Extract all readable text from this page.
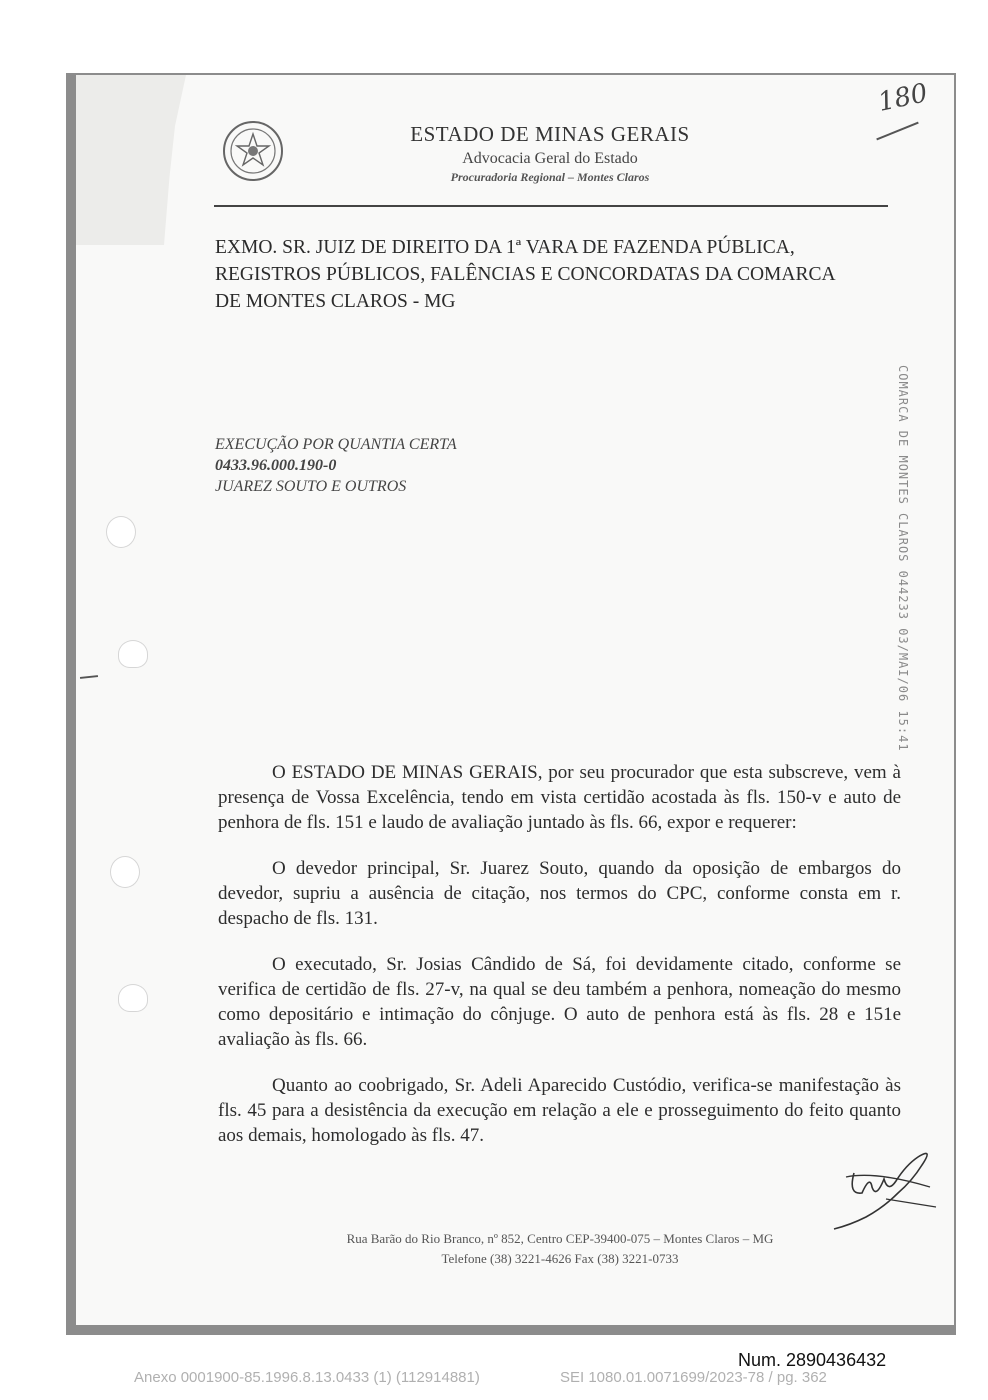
ESTADO DE MINAS GERAIS
Advocacia Geral do Estado
Procuradoria Regional – Montes Claros
180
EXMO. SR. JUIZ DE DIREITO DA 1ª VARA DE FAZENDA PÚBLICA,
REGISTROS PÚBLICOS, FALÊNCIAS E CONCORDATAS DA COMARCA
DE MONTES CLAROS - MG
COMARCA DE MONTES CLAROS 044233 03/MAI/06 15:41
EXECUÇÃO POR QUANTIA CERTA
0433.96.000.190-0
JUAREZ SOUTO E OUTROS

O ESTADO DE MINAS GERAIS, por seu procurador que esta subscreve, vem à presença de Vossa Excelência, tendo em vista certidão acostada às fls. 150-v e auto de penhora de fls. 151 e laudo de avaliação juntado às fls. 66, expor e requerer:

O devedor principal, Sr. Juarez Souto, quando da oposição de embargos do devedor, supriu a ausência de citação, nos termos do CPC, conforme consta em r. despacho de fls. 131.

O executado, Sr. Josias Cândido de Sá, foi devidamente citado, conforme se verifica de certidão de fls. 27-v, na qual se deu também a penhora, nomeação do mesmo como depositário e intimação do cônjuge. O auto de penhora está às fls. 28 e 151e avaliação às fls. 66.

Quanto ao coobrigado, Sr. Adeli Aparecido Custódio, verifica-se manifestação às fls. 45 para a desistência da execução em relação a ele e prosseguimento do feito quanto aos demais, homologado às fls. 47.

Rua Barão do Rio Branco, nº 852, Centro CEP-39400-075 – Montes Claros – MG
Telefone (38) 3221-4626 Fax (38) 3221-0733
Num. 2890436432
Anexo 0001900-85.1996.8.13.0433 (1) (112914881)	SEI 1080.01.0071699/2023-78 / pg. 362
